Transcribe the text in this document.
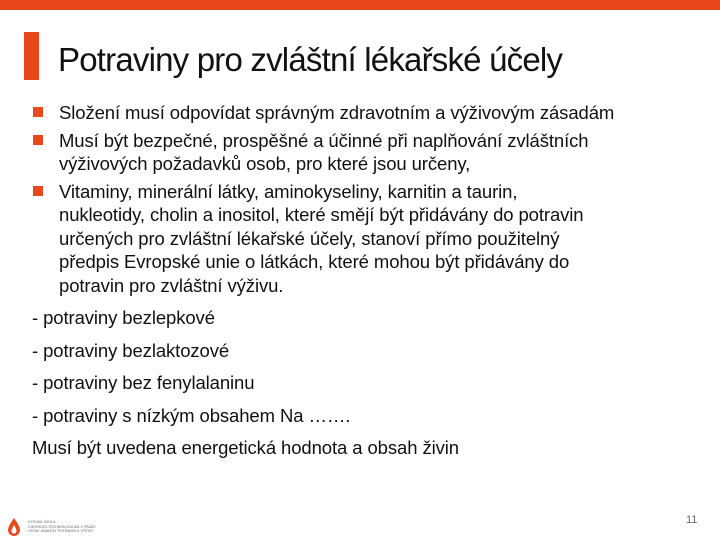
Potraviny pro zvláštní lékařské účely
Složení musí odpovídat správným zdravotním a výživovým zásadám
Musí být bezpečné, prospěšné a účinné při naplňování zvláštních
výživových požadavků osob, pro které jsou určeny,
Vitaminy, minerální látky, aminokyseliny, karnitin a taurin,
nukleotidy, cholin a inositol, které smějí být přidávány do potravin
určených pro zvláštní lékařské účely, stanoví přímo použitelný
předpis Evropské unie o látkách, které mohou být přidávány do
potravin pro zvláštní výživu.
- potraviny bezlepkové
- potraviny bezlaktozové
- potraviny bez fenylalaninu
- potraviny s nízkým obsahem Na …….
Musí být uvedena energetická hodnota a obsah živin
VYSOKÁ ŠKOLA
CHEMICKO-TECHNOLOGICKÁ V PRAZE
ÚSTAV ANALÝZY POTRAVIN A VÝŽIVY
11
